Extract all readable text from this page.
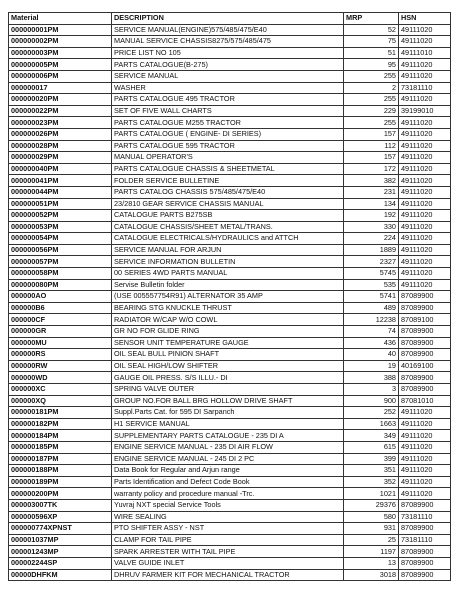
Material	DESCRIPTION	MRP	HSN
000000001PM	SERVICE MANUAL(ENGINE)575/485/475/E40	52	49111020
000000002PM	MANUAL SERVICE CHASSIS8275/575/485/475	75	49111020
000000003PM	PRICE LIST NO 105	51	49111010
000000005PM	PARTS CATALOGUE(B-275)	95	49111020
000000006PM	SERVICE MANUAL	255	49111020
000000017	WASHER	2	73181110
000000020PM	PARTS CATALOGUE 495 TRACTOR	255	49111020
000000022PM	SET OF FIVE WALL CHARTS	229	39199010
000000023PM	PARTS CATALOGUE M255 TRACTOR	255	49111020
000000026PM	PARTS CATALOGUE ( ENGINE- DI SERIES)	157	49111020
000000028PM	PARTS CATALOGUE 595 TRACTOR	112	49111020
000000029PM	MANUAL OPERATOR'S	157	49111020
000000040PM	PARTS CATALOGUE CHASSIS & SHEETMETAL	172	49111020
000000041PM	FOLDER SERVICE BULLETINE	382	49111020
000000044PM	PARTS CATALOG CHASSIS 575/485/475/E40	231	49111020
000000051PM	23/2810 GEAR SERVICE CHASSIS MANUAL	134	49111020
000000052PM	CATALOGUE PARTS B275SB	192	49111020
000000053PM	CATALOGUE CHASSIS/SHEET METAL/TRANS.	330	49111020
000000054PM	CATALOGUE ELECTRICALS/HYDRAULICS and ATTCH	224	49111020
000000056PM	SERVICE MANUAL FOR ARJUN	1889	49111020
000000057PM	SERVICE INFORMATION BULLETIN	2327	49111020
000000058PM	00 SERIES 4WD PARTS MANUAL	5745	49111020
000000080PM	Servise Bulletin folder	535	49111020
000000AO	(USE 005557754R91) ALTERNATOR 35 AMP	5741	87089900
000000B6	BEARING STG KNUCKLE THRUST	489	87089900
000000CF	RADIATOR W/CAP W/O COWL	12238	87089100
000000GR	GR NO FOR GLIDE RING	74	87089900
000000MU	SENSOR UNIT TEMPERATURE GAUGE	436	87089900
000000RS	OIL SEAL BULL PINION SHAFT	40	87089900
000000RW	OIL SEAL HIGH/LOW SHIFTER	19	40169100
000000WD	GAUGE OIL PRESS. S/S ILLU.- DI	388	87089900
000000XC	SPRING VALVE OUTER	3	87089900
000000XQ	GROUP NO.FOR BALL BRG HOLLOW DRIVE SHAFT	900	87081010
000000181PM	Suppl.Parts Cat. for 595 DI Sarpanch	252	49111020
000000182PM	H1 SERVICE MANUAL	1663	49111020
000000184PM	SUPPLEMENTARY PARTS CATALOGUE - 235 DI A	349	49111020
000000185PM	ENGINE SERVICE MANUAL - 235 DI AIR FLOW	615	49111020
000000187PM	ENGINE SERVICE MANUAL - 245 DI 2 PC	399	49111020
000000188PM	Data Book for Regular and Arjun range	351	49111020
000000189PM	Parts Identification and Defect Code Book	352	49111020
000000200PM	warranty policy and procedure manual -Trc.	1021	49111020
000003007TK	Yuvraj NXT special Service Tools	29376	87089900
000000596XP	WIRE SEALING	580	73181110
000000774XPNST	PTO SHIFTER ASSY - NST	931	87089900
000001037MP	CLAMP FOR TAIL PIPE	25	73181110
000001243MP	SPARK ARRESTER WITH TAIL PIPE	1197	87089900
000002244SP	VALVE GUIDE INLET	13	87089900
00000DHFKM	DHRUV FARMER KIT FOR MECHANICAL TRACTOR	3018	87089900
